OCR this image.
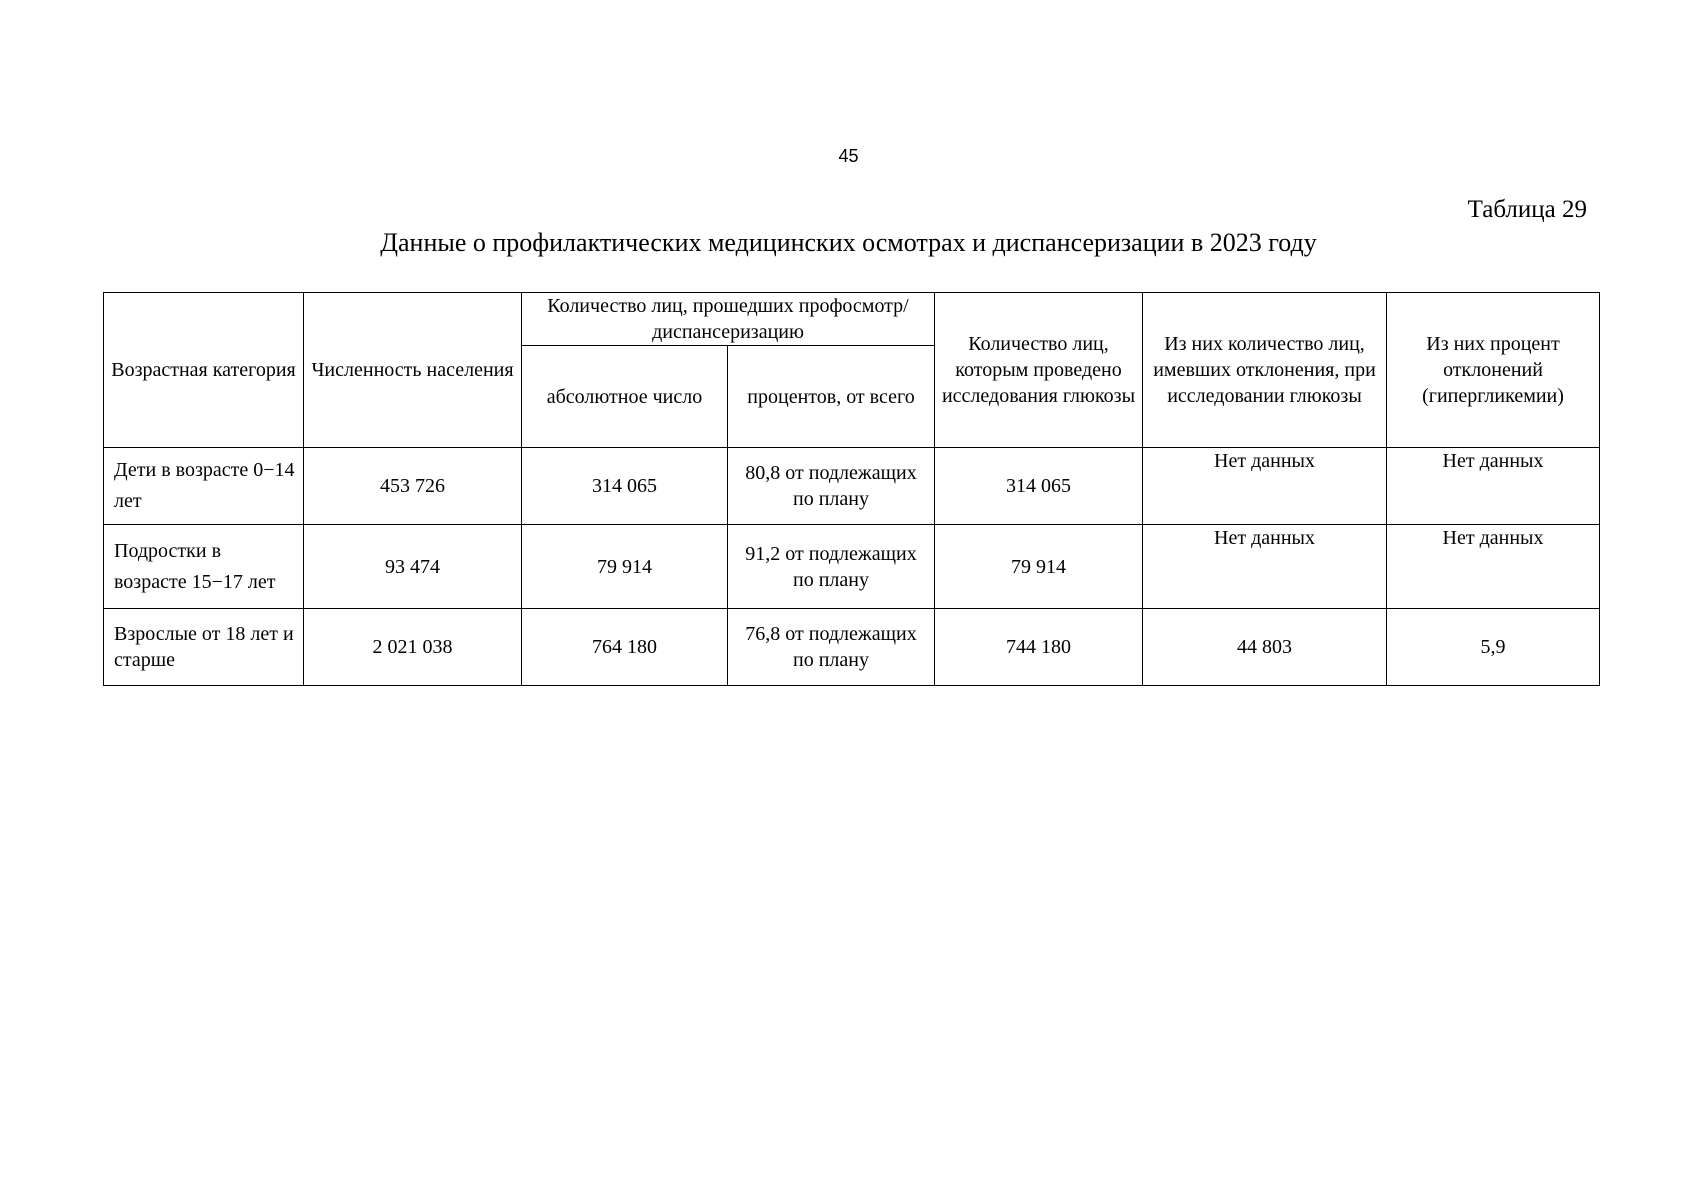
45
Таблица 29
Данные о профилактических медицинских осмотрах и диспансеризации в 2023 году
Возрастная категория	Численность населения	Количество лиц, прошедших профосмотр/диспансеризацию		Количество лиц, которым проведено исследования глюкозы	Из них количество лиц, имевших отклонения, при исследовании глюкозы	Из них процент отклонений (гипергликемии)
		абсолютное число	процентов, от всего			
Дети в возрасте 0−14 лет	453 726	314 065	80,8 от подлежащих по плану	314 065	Нет данных	Нет данных
Подростки в возрасте 15−17 лет	93 474	79 914	91,2 от подлежащих по плану	79 914	Нет данных	Нет данных
Взрослые от 18 лет и старше	2 021 038	764 180	76,8 от подлежащих по плану	744 180	44 803	5,9
